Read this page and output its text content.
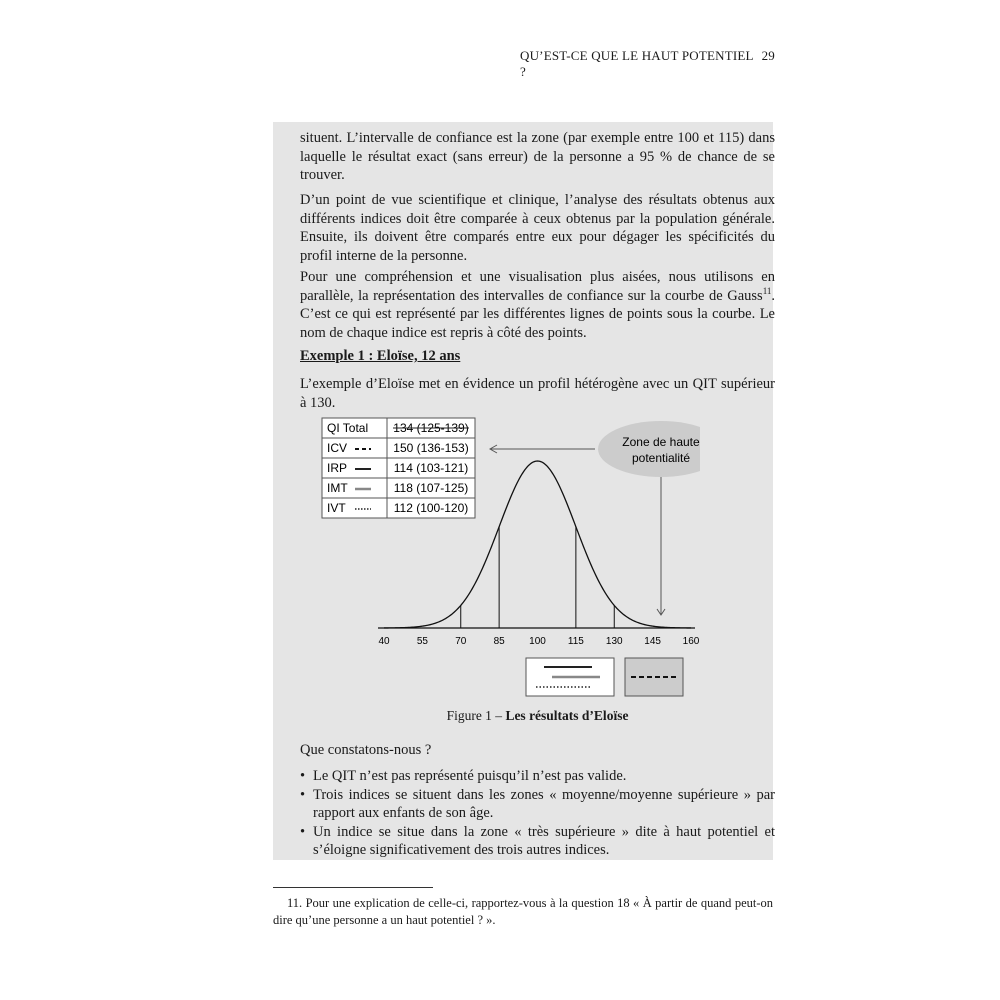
QU’EST-CE QUE LE HAUT POTENTIEL ?
29

situent. L’intervalle de confiance est la zone (par exemple entre 100 et 115) dans laquelle le résultat exact (sans erreur) de la personne a 95 % de chance de se trouver.

D’un point de vue scientifique et clinique, l’analyse des résultats obtenus aux différents indices doit être comparée à ceux obtenus par la population générale. Ensuite, ils doivent être comparés entre eux pour dégager les spécificités du profil interne de la personne.

Pour une compréhension et une visualisation plus aisées, nous utilisons en parallèle, la représentation des intervalles de confiance sur la courbe de Gauss$^{11}$. C’est ce qui est représenté par les différentes lignes de points sous la courbe. Le nom de chaque indice est repris à côté des points.

Exemple 1 : Eloïse, 12 ans

L’exemple d’Eloïse met en évidence un profil hétérogène avec un QIT supérieur à 130.

QI Total 134 (125-139)
ICV	150 (136-153)
IRP	114 (103-121)
IMT	118 (107-125)
IVT	112 (100-120)
Zone de haute
potentialité
40	55	70	85 100 115 130 145 160
Figure 1 – Les résultats d’Eloïse

Que constatons-nous ?

• Le QIT n’est pas représenté puisqu’il n’est pas valide.
• Trois indices se situent dans les zones « moyenne/moyenne supérieure » par rapport aux enfants de son âge.
• Un indice se situe dans la zone « très supérieure » dite à haut potentiel et s’éloigne significativement des trois autres indices.

11. Pour une explication de celle-ci, rapportez-vous à la question 18 « À partir de quand peut-on dire qu’une personne a un haut potentiel ? ».
